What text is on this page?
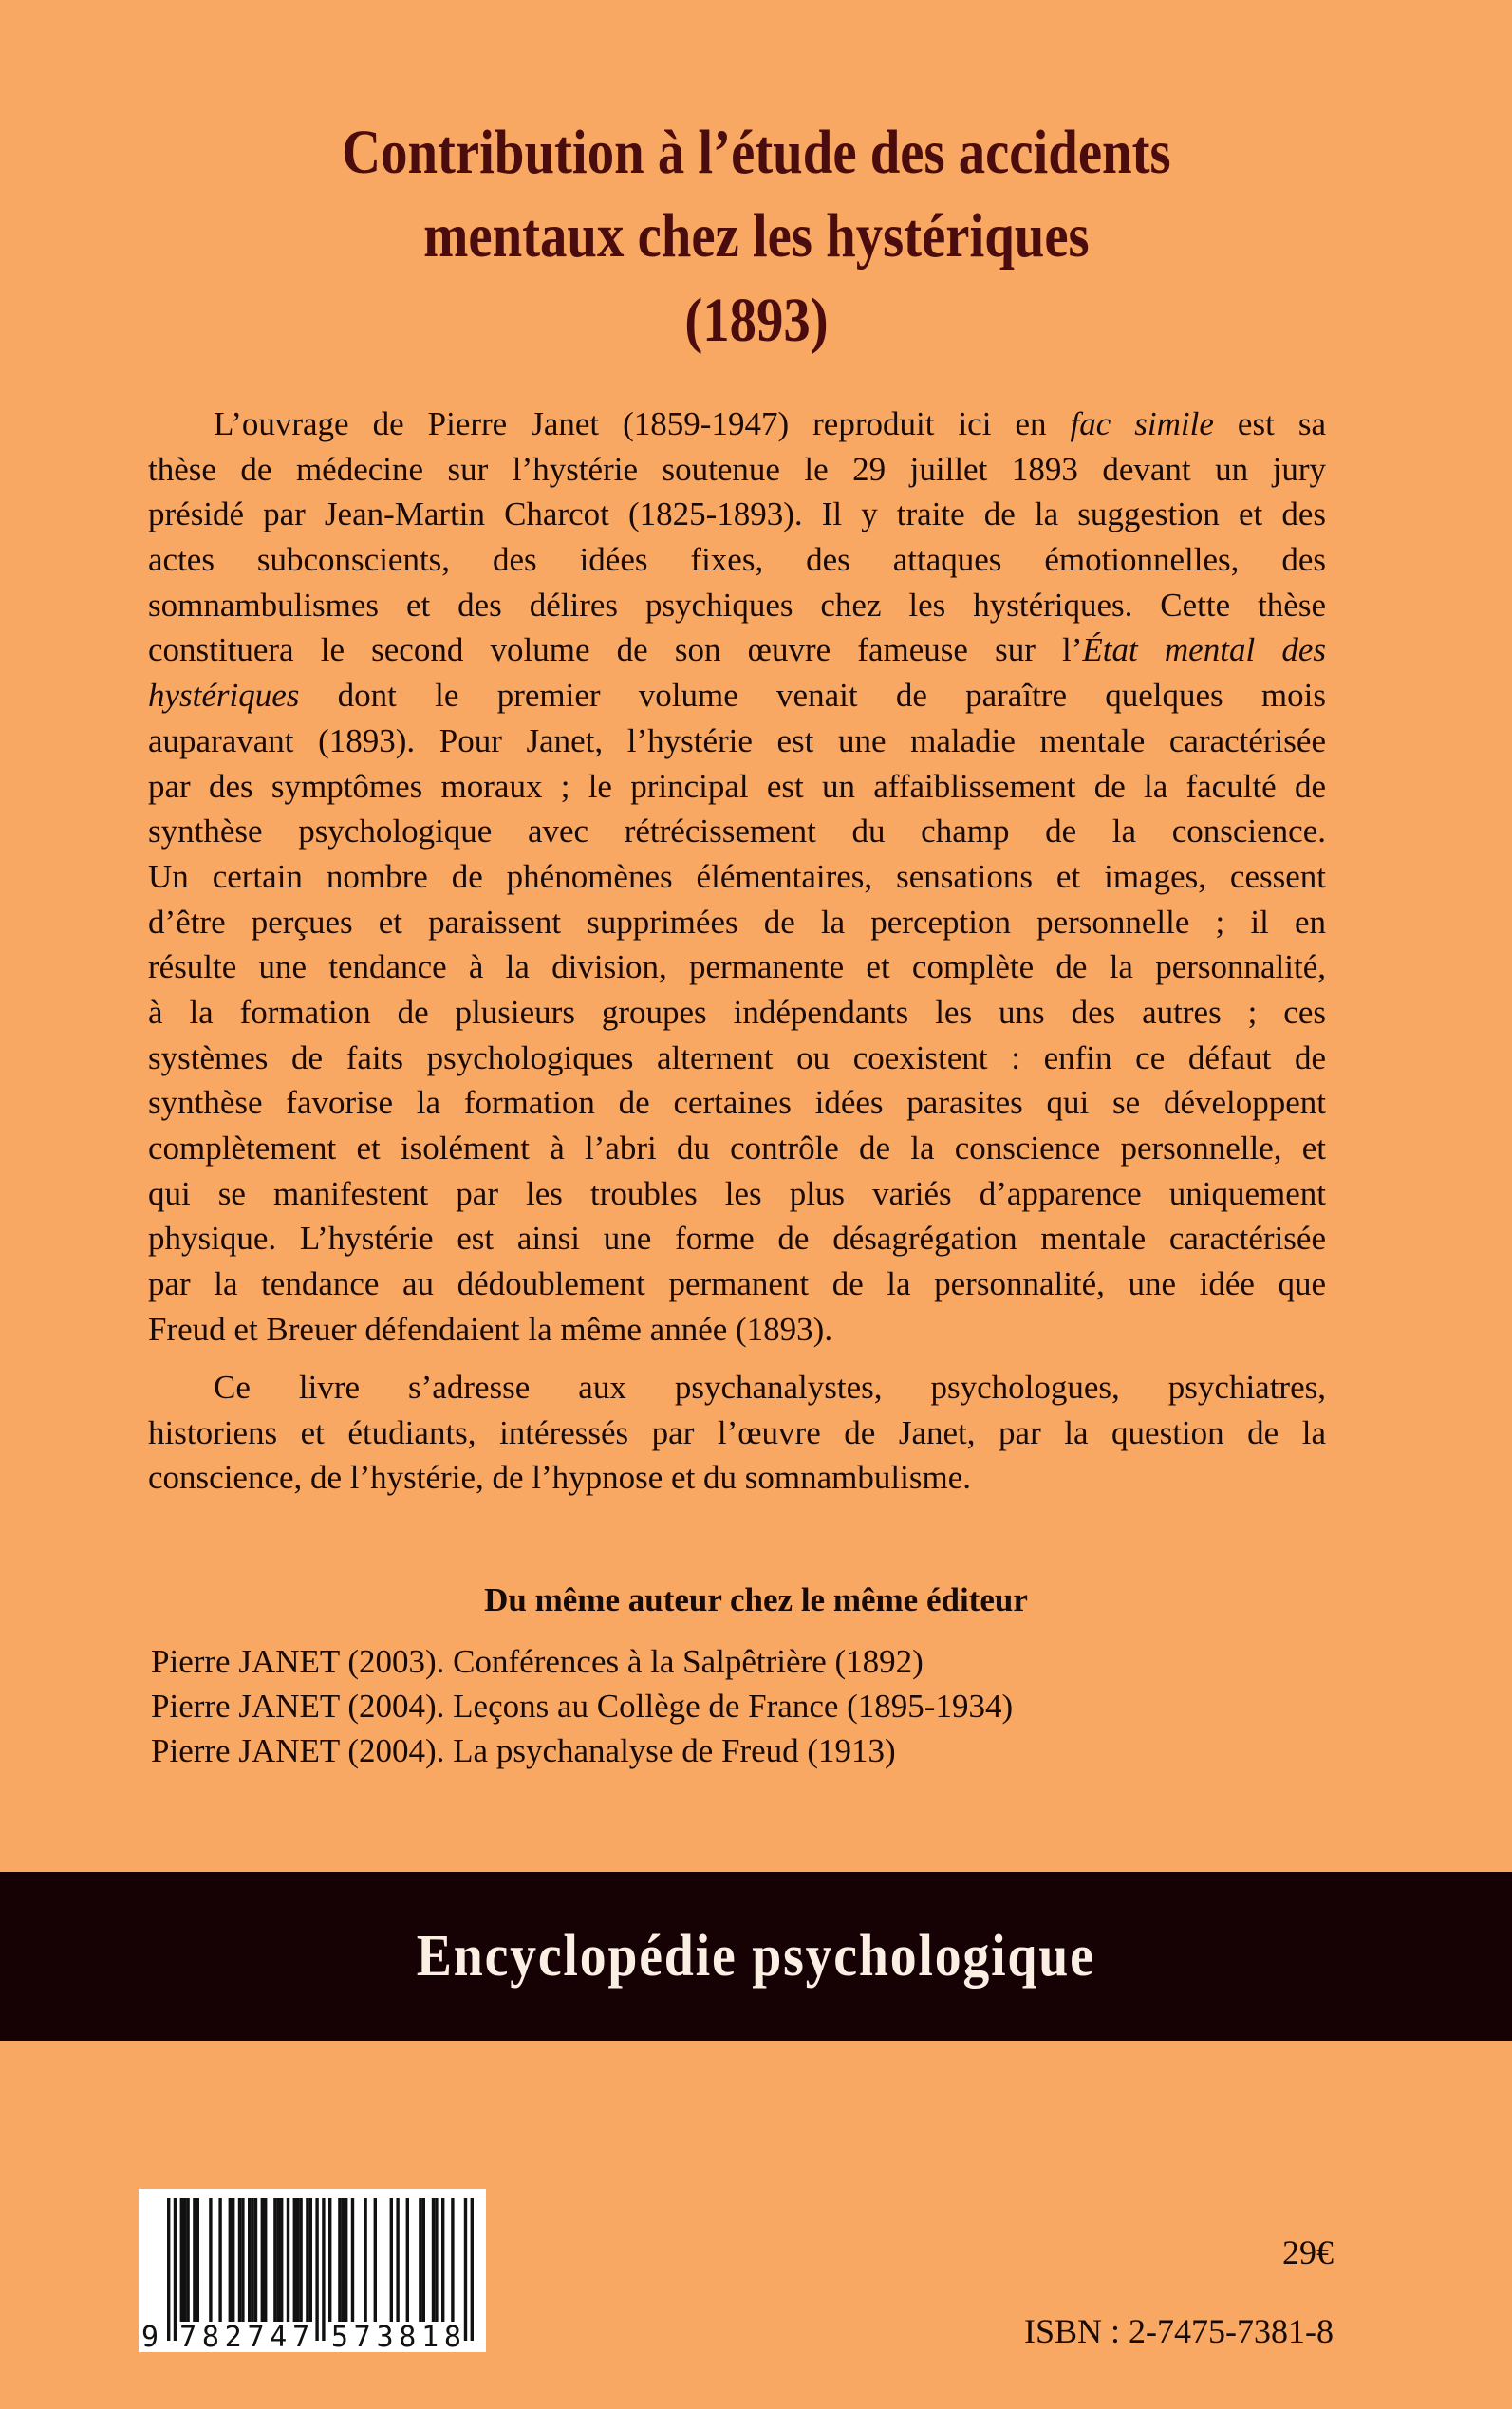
Contribution à l’étude des accidents
mentaux chez les hystériques
(1893)
L’ouvrage de Pierre Janet (1859-1947) reproduit ici en fac simile est sa
thèse de médecine sur l’hystérie soutenue le 29 juillet 1893 devant un jury
présidé par Jean-Martin Charcot (1825-1893). Il y traite de la suggestion et des
actes subconscients, des idées fixes, des attaques émotionnelles, des
somnambulismes et des délires psychiques chez les hystériques. Cette thèse
constituera le second volume de son œuvre fameuse sur l’État mental des
hystériques dont le premier volume venait de paraître quelques mois
auparavant (1893). Pour Janet, l’hystérie est une maladie mentale caractérisée
par des symptômes moraux ; le principal est un affaiblissement de la faculté de
synthèse psychologique avec rétrécissement du champ de la conscience.
Un certain nombre de phénomènes élémentaires, sensations et images, cessent
d’être perçues et paraissent supprimées de la perception personnelle ; il en
résulte une tendance à la division, permanente et complète de la personnalité,
à la formation de plusieurs groupes indépendants les uns des autres ; ces
systèmes de faits psychologiques alternent ou coexistent : enfin ce défaut de
synthèse favorise la formation de certaines idées parasites qui se développent
complètement et isolément à l’abri du contrôle de la conscience personnelle, et
qui se manifestent par les troubles les plus variés d’apparence uniquement
physique. L’hystérie est ainsi une forme de désagrégation mentale caractérisée
par la tendance au dédoublement permanent de la personnalité, une idée que
Freud et Breuer défendaient la même année (1893).
Ce livre s’adresse aux psychanalystes, psychologues, psychiatres,
historiens et étudiants, intéressés par l’œuvre de Janet, par la question de la
conscience, de l’hystérie, de l’hypnose et du somnambulisme.
Du même auteur chez le même éditeur
Pierre JANET (2003). Conférences à la Salpêtrière (1892)
Pierre JANET (2004). Leçons au Collège de France (1895-1934)
Pierre JANET (2004). La psychanalyse de Freud (1913)
Encyclopédie psychologique
9 7 8 2 7 4 7 5 7 3 8 1 8
29€
ISBN : 2-7475-7381-8
